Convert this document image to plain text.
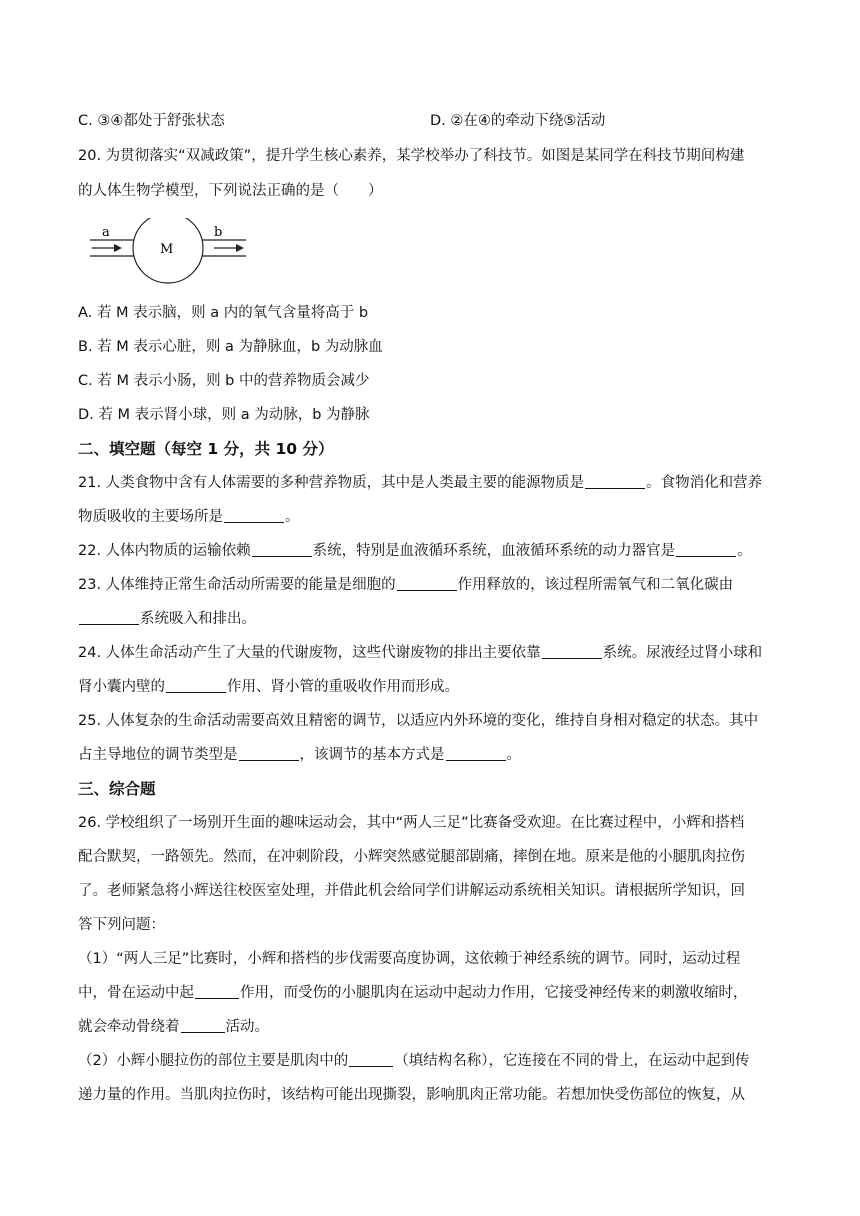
C. ③④都处于舒张状态	D. ②在④的牵动下绕⑤活动
20. 为贯彻落实“双减政策”，提升学生核心素养，某学校举办了科技节。如图是某同学在科技节期间构建
的人体生物学模型，下列说法正确的是（　　）
a	b
M
A. 若 M 表示脑，则 a 内的氧气含量将高于 b
B. 若 M 表示心脏，则 a 为静脉血，b 为动脉血
C. 若 M 表示小肠，则 b 中的营养物质会减少
D. 若 M 表示肾小球，则 a 为动脉，b 为静脉
二、填空题（每空 1 分，共 10 分）
21. 人类食物中含有人体需要的多种营养物质，其中是人类最主要的能源物质是	。食物消化和营养
物质吸收的主要场所是	。
22. 人体内物质的运输依赖	系统，特别是血液循环系统，血液循环系统的动力器官是	。
23. 人体维持正常生命活动所需要的能量是细胞的	作用释放的，该过程所需氧气和二氧化碳由
系统吸入和排出。
24. 人体生命活动产生了大量的代谢废物，这些代谢废物的排出主要依靠	系统。尿液经过肾小球和
肾小囊内壁的	作用、肾小管的重吸收作用而形成。
25. 人体复杂的生命活动需要高效且精密的调节，以适应内外环境的变化，维持自身相对稳定的状态。其中
占主导地位的调节类型是	，该调节的基本方式是	。
三、综合题
26. 学校组织了一场别开生面的趣味运动会，其中“两人三足”比赛备受欢迎。在比赛过程中，小辉和搭档
配合默契，一路领先。然而，在冲刺阶段，小辉突然感觉腿部剧痛，摔倒在地。原来是他的小腿肌肉拉伤
了。老师紧急将小辉送往校医室处理，并借此机会给同学们讲解运动系统相关知识。请根据所学知识，回
答下列问题：
（1）“两人三足”比赛时，小辉和搭档的步伐需要高度协调，这依赖于神经系统的调节。同时，运动过程
中，骨在运动中起	作用，而受伤的小腿肌肉在运动中起动力作用，它接受神经传来的刺激收缩时，
就会牵动骨绕着	活动。
（2）小辉小腿拉伤的部位主要是肌肉中的	（填结构名称），它连接在不同的骨上，在运动中起到传
递力量的作用。当肌肉拉伤时，该结构可能出现撕裂，影响肌肉正常功能。若想加快受伤部位的恢复，从
